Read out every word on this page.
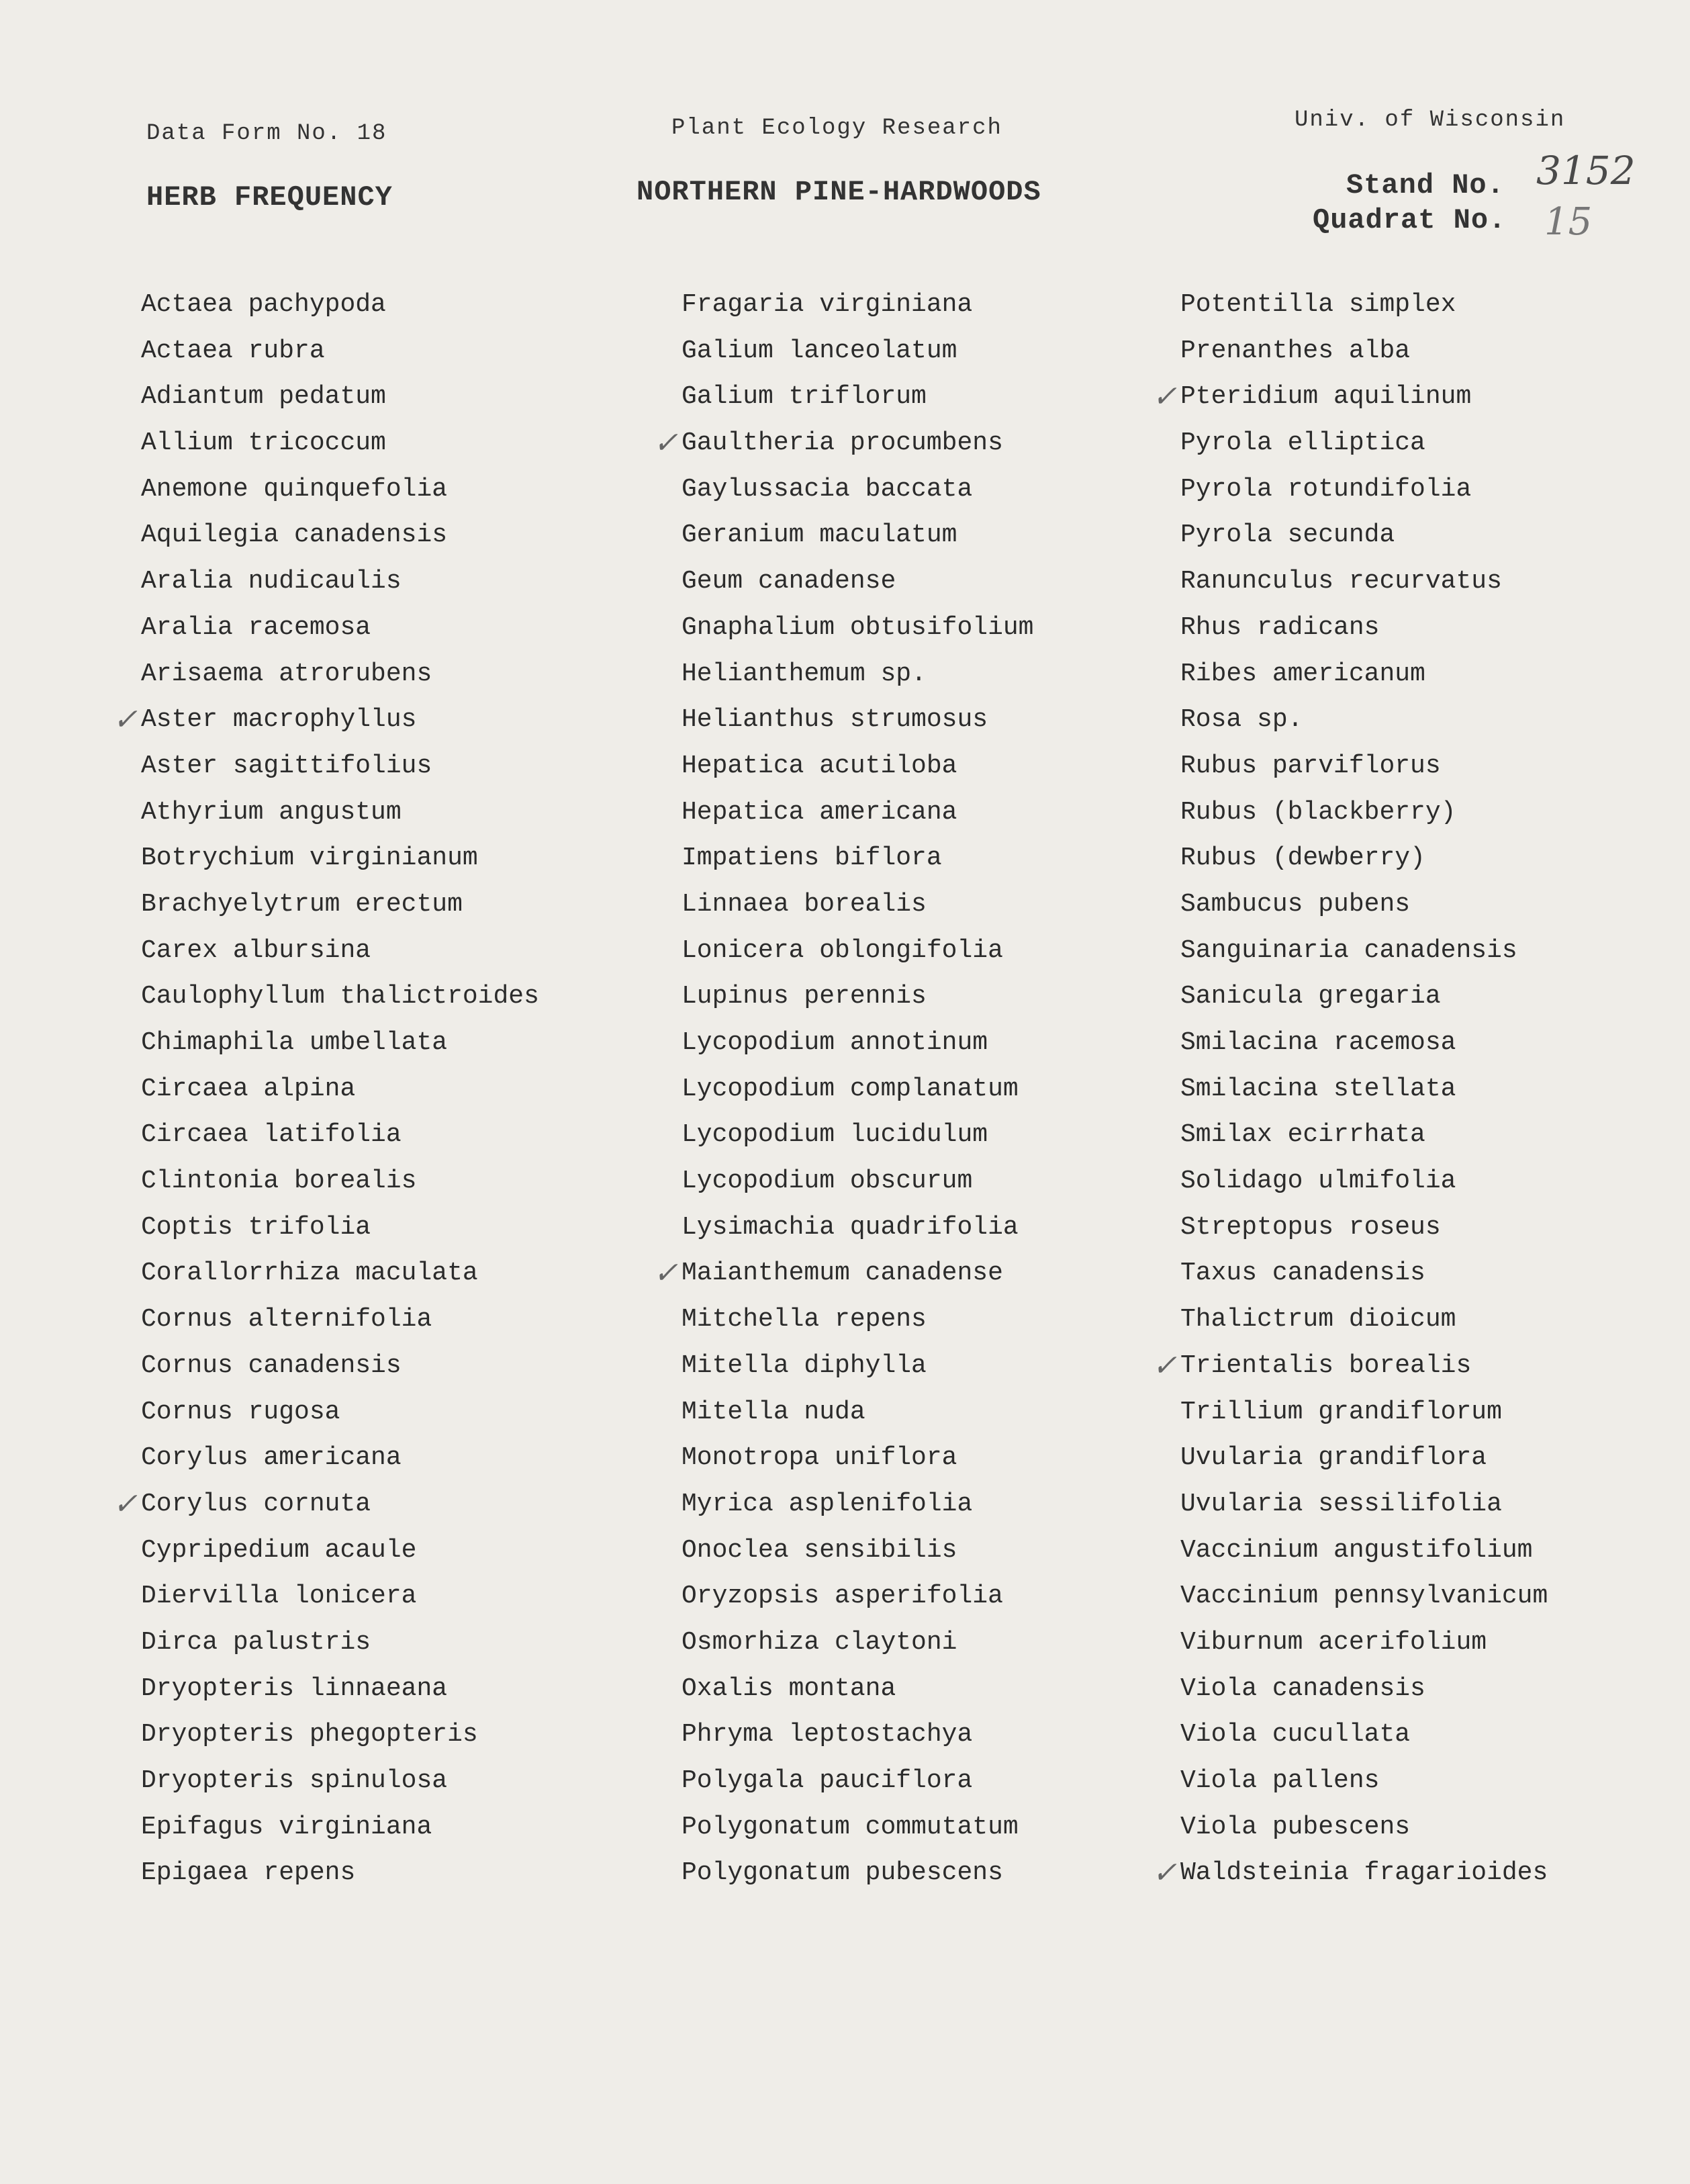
Data Form No. 18	Plant Ecology Research	Univ. of Wisconsin
HERB FREQUENCY	NORTHERN PINE-HARDWOODS	Stand No. 3152
Quadrat No. 15
Actaea pachypoda
Actaea rubra
Adiantum pedatum
Allium tricoccum
Anemone quinquefolia
Aquilegia canadensis
Aralia nudicaulis
Aralia racemosa
Arisaema atrorubens
✓ Aster macrophyllus
Aster sagittifolius
Athyrium angustum
Botrychium virginianum
Brachyelytrum erectum
Carex albursina
Caulophyllum thalictroides
Chimaphila umbellata
Circaea alpina
Circaea latifolia
Clintonia borealis
Coptis trifolia
Corallorrhiza maculata
Cornus alternifolia
Cornus canadensis
Cornus rugosa
Corylus americana
✓ Corylus cornuta
Cypripedium acaule
Diervilla lonicera
Dirca palustris
Dryopteris linnaeana
Dryopteris phegopteris
Dryopteris spinulosa
Epifagus virginiana
Epigaea repens
Fragaria virginiana
Galium lanceolatum
Galium triflorum
✓ Gaultheria procumbens
Gaylussacia baccata
Geranium maculatum
Geum canadense
Gnaphalium obtusifolium
Helianthemum sp.
Helianthus strumosus
Hepatica acutiloba
Hepatica americana
Impatiens biflora
Linnaea borealis
Lonicera oblongifolia
Lupinus perennis
Lycopodium annotinum
Lycopodium complanatum
Lycopodium lucidulum
Lycopodium obscurum
Lysimachia quadrifolia
✓ Maianthemum canadense
Mitchella repens
Mitella diphylla
Mitella nuda
Monotropa uniflora
Myrica asplenifolia
Onoclea sensibilis
Oryzopsis asperifolia
Osmorhiza claytoni
Oxalis montana
Phryma leptostachya
Polygala pauciflora
Polygonatum commutatum
Polygonatum pubescens
Potentilla simplex
Prenanthes alba
✓ Pteridium aquilinum
Pyrola elliptica
Pyrola rotundifolia
Pyrola secunda
Ranunculus recurvatus
Rhus radicans
Ribes americanum
Rosa sp.
Rubus parviflorus
Rubus (blackberry)
Rubus (dewberry)
Sambucus pubens
Sanguinaria canadensis
Sanicula gregaria
Smilacina racemosa
Smilacina stellata
Smilax ecirrhata
Solidago ulmifolia
Streptopus roseus
Taxus canadensis
Thalictrum dioicum
✓ Trientalis borealis
Trillium grandiflorum
Uvularia grandiflora
Uvularia sessilifolia
Vaccinium angustifolium
Vaccinium pennsylvanicum
Viburnum acerifolium
Viola canadensis
Viola cucullata
Viola pallens
Viola pubescens
✓ Waldsteinia fragarioides
